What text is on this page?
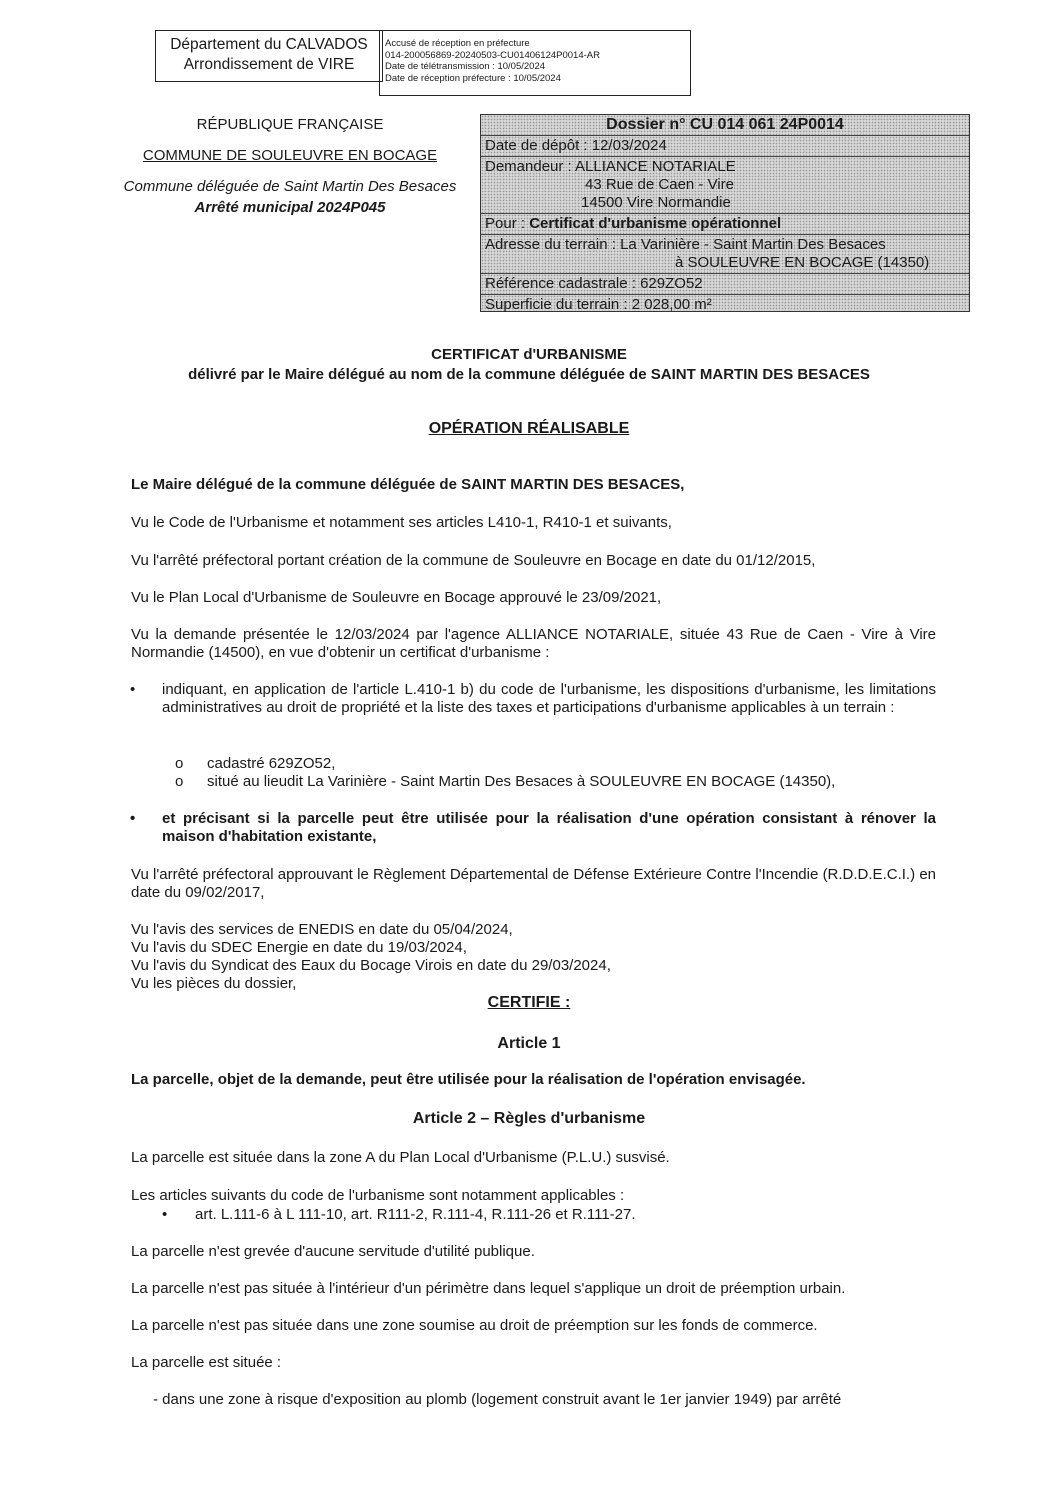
Département du CALVADOS
Arrondissement de VIRE
Accusé de réception en préfecture
014-200056869-20240503-CU01406124P0014-AR
Date de télétransmission : 10/05/2024
Date de réception préfecture : 10/05/2024
RÉPUBLIQUE FRANÇAISE
COMMUNE DE SOULEUVRE EN BOCAGE
Commune déléguée de Saint Martin Des Besaces
Arrêté municipal 2024P045
Dossier n° CU 014 061 24P0014
Date de dépôt : 12/03/2024
Demandeur : ALLIANCE NOTARIALE
43 Rue de Caen - Vire
14500 Vire Normandie
Pour : Certificat d'urbanisme opérationnel
Adresse du terrain : La Varinière - Saint Martin Des Besaces
à SOULEUVRE EN BOCAGE (14350)
Référence cadastrale : 629ZO52
Superficie du terrain : 2 028,00 m²
CERTIFICAT d'URBANISME
délivré par le Maire délégué au nom de la commune déléguée de SAINT MARTIN DES BESACES
OPÉRATION RÉALISABLE
Le Maire délégué de la commune déléguée de SAINT MARTIN DES BESACES,
Vu le Code de l'Urbanisme et notamment ses articles L410-1, R410-1 et suivants,
Vu l'arrêté préfectoral portant création de la commune de Souleuvre en Bocage en date du 01/12/2015,
Vu le Plan Local d'Urbanisme de Souleuvre en Bocage approuvé le 23/09/2021,
Vu la demande présentée le 12/03/2024 par l'agence ALLIANCE NOTARIALE, située 43 Rue de Caen - Vire à Vire Normandie (14500), en vue d'obtenir un certificat d'urbanisme :
• indiquant, en application de l'article L.410-1 b) du code de l'urbanisme, les dispositions d'urbanisme, les limitations administratives au droit de propriété et la liste des taxes et participations d'urbanisme applicables à un terrain :
o cadastré 629ZO52,
o situé au lieudit La Varinière - Saint Martin Des Besaces à SOULEUVRE EN BOCAGE (14350),
• et précisant si la parcelle peut être utilisée pour la réalisation d'une opération consistant à rénover la maison d'habitation existante,
Vu l'arrêté préfectoral approuvant le Règlement Départemental de Défense Extérieure Contre l'Incendie (R.D.D.E.C.I.) en date du 09/02/2017,
Vu l'avis des services de ENEDIS en date du 05/04/2024,
Vu l'avis du SDEC Energie en date du 19/03/2024,
Vu l'avis du Syndicat des Eaux du Bocage Virois en date du 29/03/2024,
Vu les pièces du dossier,
CERTIFIE :
Article 1
La parcelle, objet de la demande, peut être utilisée pour la réalisation de l'opération envisagée.
Article 2 – Règles d'urbanisme
La parcelle est située dans la zone A du Plan Local d'Urbanisme (P.L.U.) susvisé.
Les articles suivants du code de l'urbanisme sont notamment applicables :
• art. L.111-6 à L 111-10, art. R111-2, R.111-4, R.111-26 et R.111-27.
La parcelle n'est grevée d'aucune servitude d'utilité publique.
La parcelle n'est pas située à l'intérieur d'un périmètre dans lequel s'applique un droit de préemption urbain.
La parcelle n'est pas située dans une zone soumise au droit de préemption sur les fonds de commerce.
La parcelle est située :
- dans une zone à risque d'exposition au plomb (logement construit avant le 1er janvier 1949) par arrêté
